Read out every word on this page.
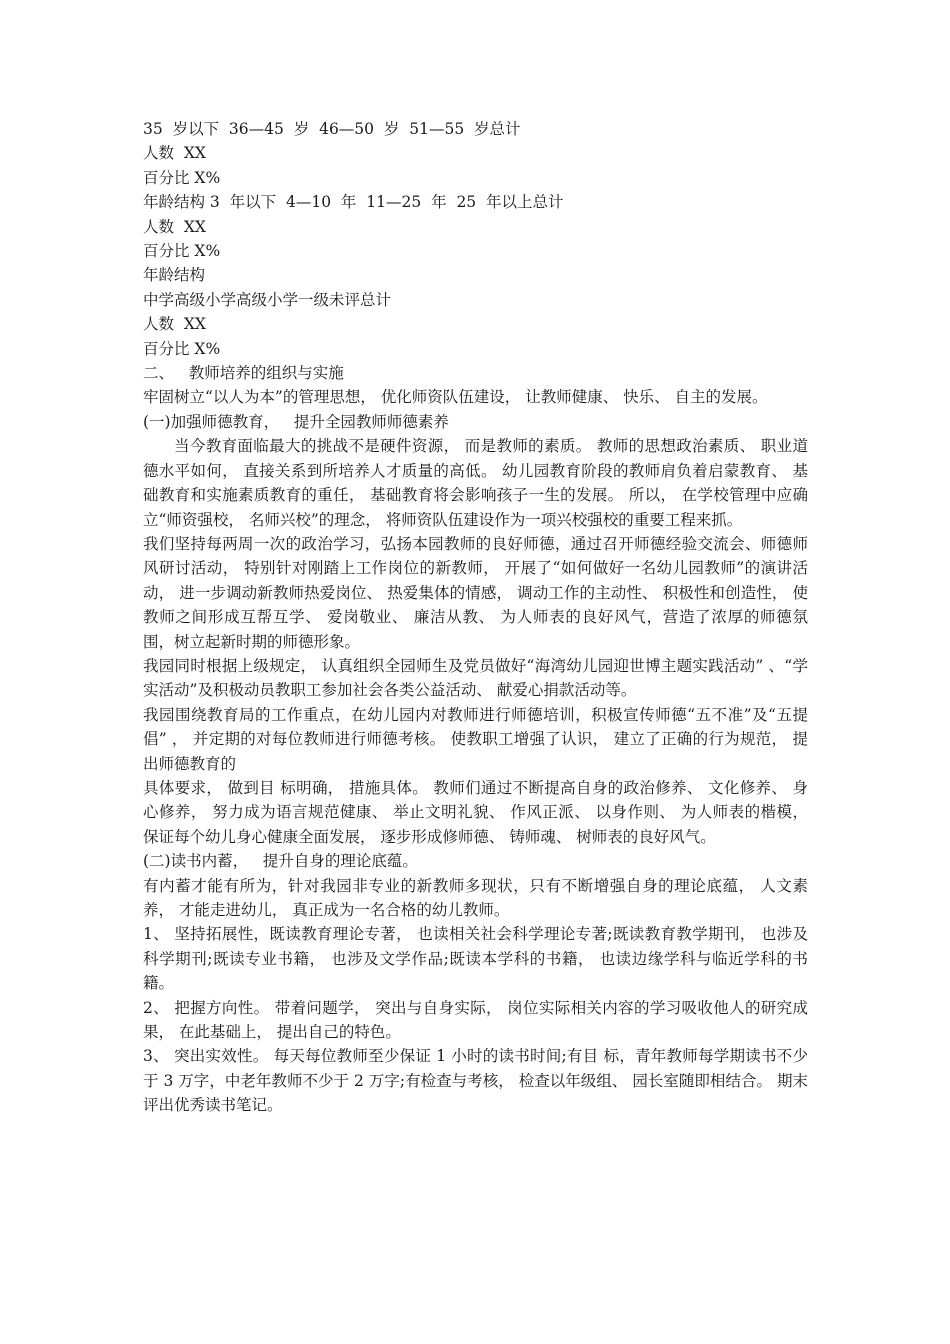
35  岁以下  36—45  岁  46—50  岁  51—55  岁总计

人数  XX

百分比 X%

年龄结构 3  年以下  4—10  年  11—25  年  25  年以上总计

人数  XX

百分比 X%

年龄结构

中学高级小学高级小学一级未评总计

人数  XX

百分比 X%

二、   教师培养的组织与实施

牢固树立“以人为本”的管理思想， 优化师资队伍建设， 让教师健康、 快乐、 自主的发展。

(一)加强师德教育，   提升全园教师师德素养

当今教育面临最大的挑战不是硬件资源， 而是教师的素质。 教师的思想政治素质、 职业道德水平如何， 直接关系到所培养人才质量的高低。 幼儿园教育阶段的教师肩负着启蒙教育、 基础教育和实施素质教育的重任， 基础教育将会影响孩子一生的发展。 所以， 在学校管理中应确立“师资强校， 名师兴校”的理念， 将师资队伍建设作为一项兴校强校的重要工程来抓。

我们坚持每两周一次的政治学习，弘扬本园教师的良好师德，通过召开师德经验交流会、师德师风研讨活动， 特别针对刚踏上工作岗位的新教师， 开展了“如何做好一名幼儿园教师”的演讲活动， 进一步调动新教师热爱岗位、 热爱集体的情感， 调动工作的主动性、 积极性和创造性， 使教师之间形成互帮互学、 爱岗敬业、 廉洁从教、 为人师表的良好风气，营造了浓厚的师德氛围，树立起新时期的师德形象。

我园同时根据上级规定， 认真组织全园师生及党员做好“海湾幼儿园迎世博主题实践活动” 、“学实活动”及积极动员教职工参加社会各类公益活动、 献爱心捐款活动等。

我园围绕教育局的工作重点，在幼儿园内对教师进行师德培训，积极宣传师德“五不准”及“五提倡” ， 并定期的对每位教师进行师德考核。 使教职工增强了认识， 建立了正确的行为规范， 提出师德教育的

具体要求， 做到目 标明确， 措施具体。 教师们通过不断提高自身的政治修养、 文化修养、 身心修养， 努力成为语言规范健康、 举止文明礼貌、 作风正派、 以身作则、 为人师表的楷模， 保证每个幼儿身心健康全面发展， 逐步形成修师德、 铸师魂、 树师表的良好风气。

(二)读书内蓄，   提升自身的理论底蕴。

有内蓄才能有所为，针对我园非专业的新教师多现状，只有不断增强自身的理论底蕴， 人文素养， 才能走进幼儿， 真正成为一名合格的幼儿教师。

1、 坚持拓展性，既读教育理论专著， 也读相关社会科学理论专著;既读教育教学期刊， 也涉及科学期刊;既读专业书籍， 也涉及文学作品;既读本学科的书籍， 也读边缘学科与临近学科的书籍。

2、 把握方向性。 带着问题学， 突出与自身实际， 岗位实际相关内容的学习吸收他人的研究成果， 在此基础上， 提出自己的特色。

3、 突出实效性。 每天每位教师至少保证 1 小时的读书时间;有目 标，青年教师每学期读书不少于 3 万字，中老年教师不少于 2 万字;有检查与考核， 检查以年级组、 园长室随即相结合。 期末评出优秀读书笔记。
